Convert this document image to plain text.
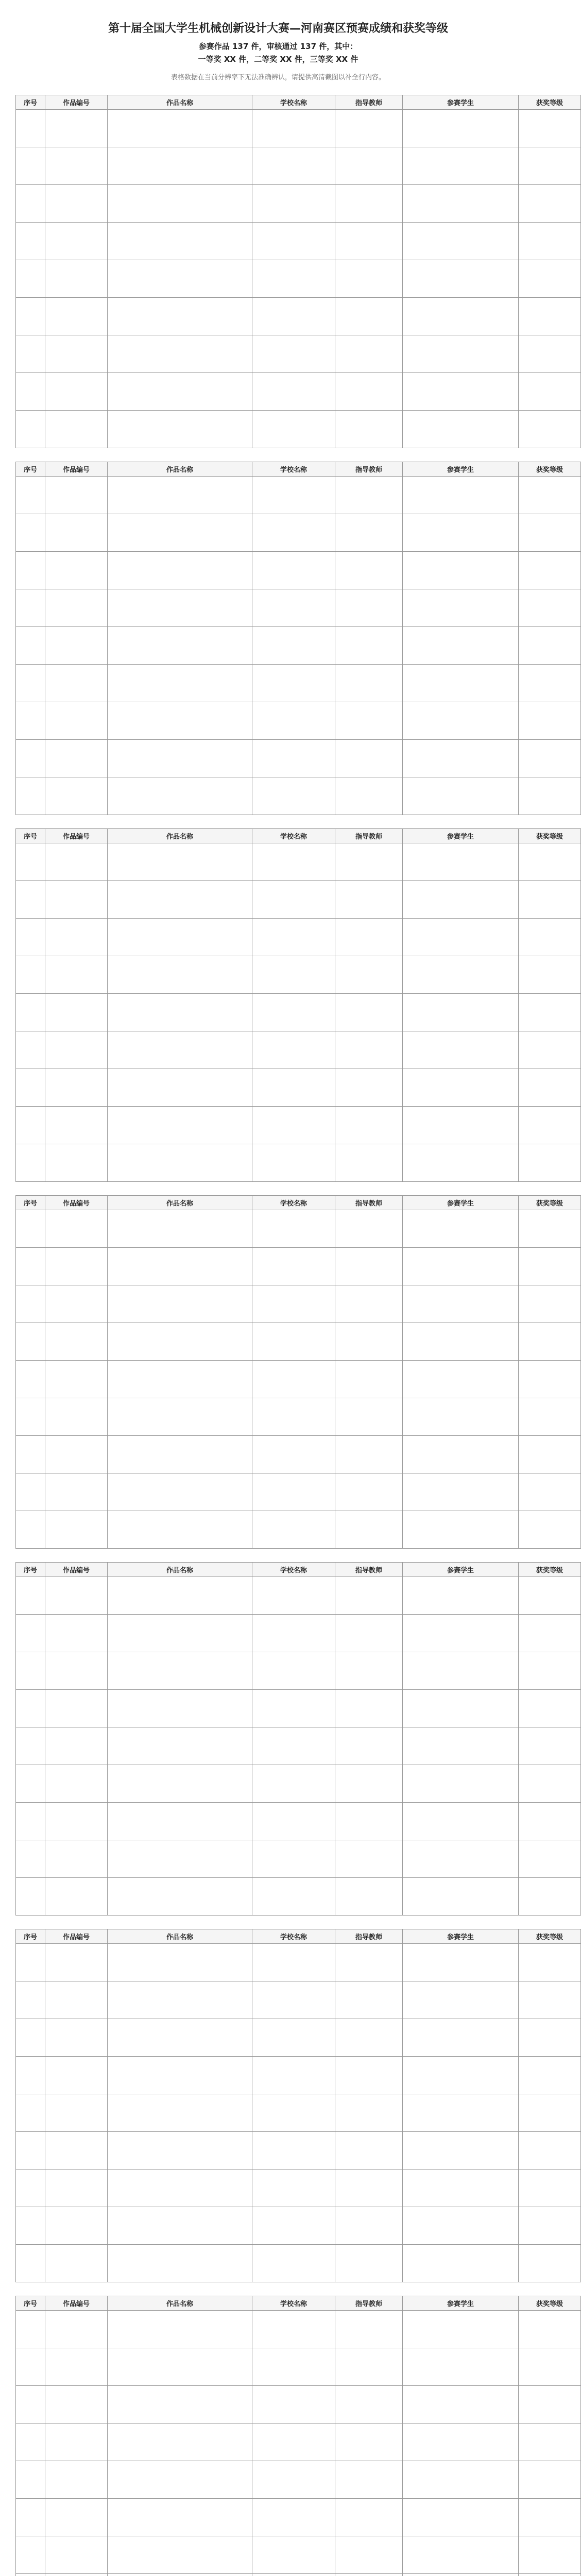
第十届全国大学生机械创新设计大赛—河南赛区预赛成绩和获奖等级
参赛作品 137 件，审核通过 137 件，其中：
一等奖 XX 件，二等奖 XX 件，三等奖 XX 件
表格数据在当前分辨率下无法准确辨认，请提供高清截图以补全行内容。
序号	作品编号	作品名称	学校名称	指导教师	参赛学生	获奖等级

序号	作品编号	作品名称	学校名称	指导教师	参赛学生	获奖等级

序号	作品编号	作品名称	学校名称	指导教师	参赛学生	获奖等级

序号	作品编号	作品名称	学校名称	指导教师	参赛学生	获奖等级

序号	作品编号	作品名称	学校名称	指导教师	参赛学生	获奖等级

序号	作品编号	作品名称	学校名称	指导教师	参赛学生	获奖等级

序号	作品编号	作品名称	学校名称	指导教师	参赛学生	获奖等级
